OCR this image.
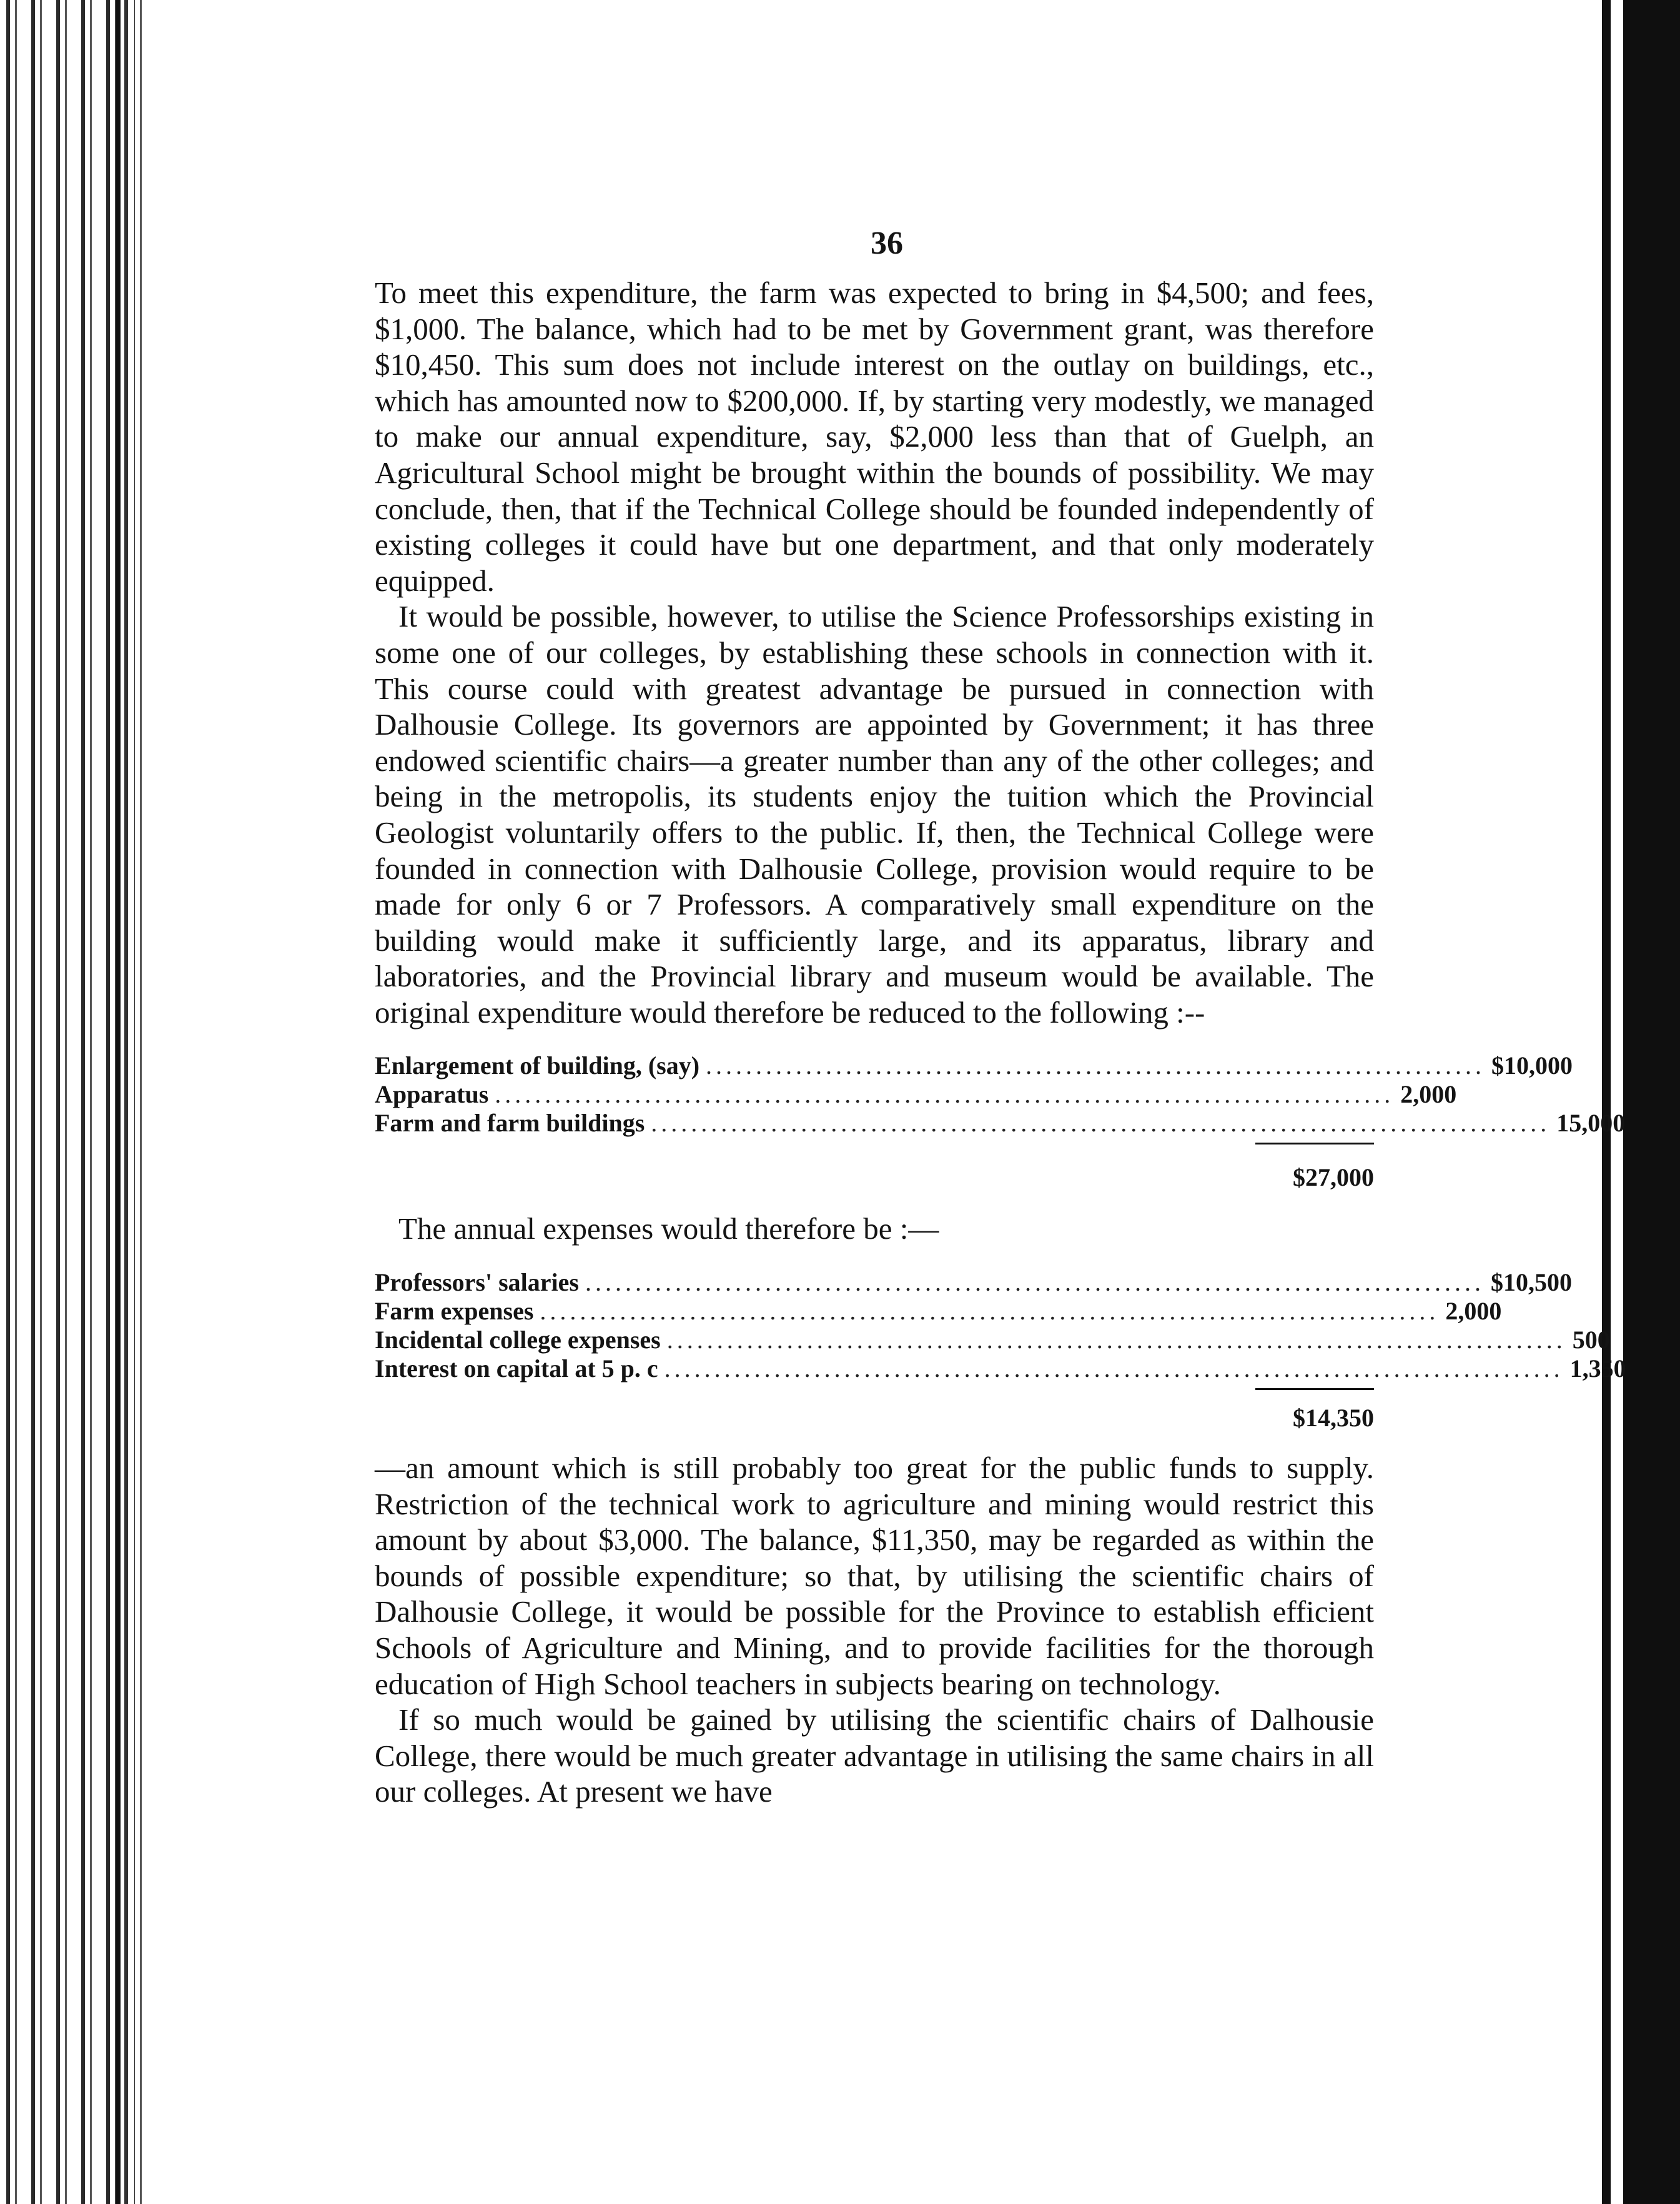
36

To meet this expenditure, the farm was expected to bring in $4,500; and fees, $1,000. The balance, which had to be met by Government grant, was therefore $10,450. This sum does not include interest on the outlay on buildings, etc., which has amounted now to $200,000. If, by starting very modestly, we managed to make our annual expenditure, say, $2,000 less than that of Guelph, an Agricultural School might be brought within the bounds of possibility. We may conclude, then, that if the Technical College should be founded independently of existing colleges it could have but one department, and that only moderately equipped.

It would be possible, however, to utilise the Science Professorships existing in some one of our colleges, by establishing these schools in connection with it. This course could with greatest advantage be pursued in connection with Dalhousie College. Its governors are appointed by Government; it has three endowed scientific chairs—a greater number than any of the other colleges; and being in the metropolis, its students enjoy the tuition which the Provincial Geologist voluntarily offers to the public. If, then, the Technical College were founded in connection with Dalhousie College, provision would require to be made for only 6 or 7 Professors. A comparatively small expenditure on the building would make it sufficiently large, and its apparatus, library and laboratories, and the Provincial library and museum would be available. The original expenditure would therefore be reduced to the following :--

Enlargement of building, (say) .............................................................................. $10,000
Apparatus .......................................................................................... 2,000
Farm and farm buildings .......................................................................................... 15,000
$27,000
The annual expenses would therefore be :—
Professors' salaries .......................................................................................... $10,500
Farm expenses .......................................................................................... 2,000
Incidental college expenses .......................................................................................... 500
Interest on capital at 5 p. c .......................................................................................... 1,350
$14,350

—an amount which is still probably too great for the public funds to supply. Restriction of the technical work to agriculture and mining would restrict this amount by about $3,000. The balance, $11,350, may be regarded as within the bounds of possible expenditure; so that, by utilising the scientific chairs of Dalhousie College, it would be possible for the Province to establish efficient Schools of Agriculture and Mining, and to provide facilities for the thorough education of High School teachers in subjects bearing on technology.

If so much would be gained by utilising the scientific chairs of Dalhousie College, there would be much greater advantage in utilising the same chairs in all our colleges. At present we have
